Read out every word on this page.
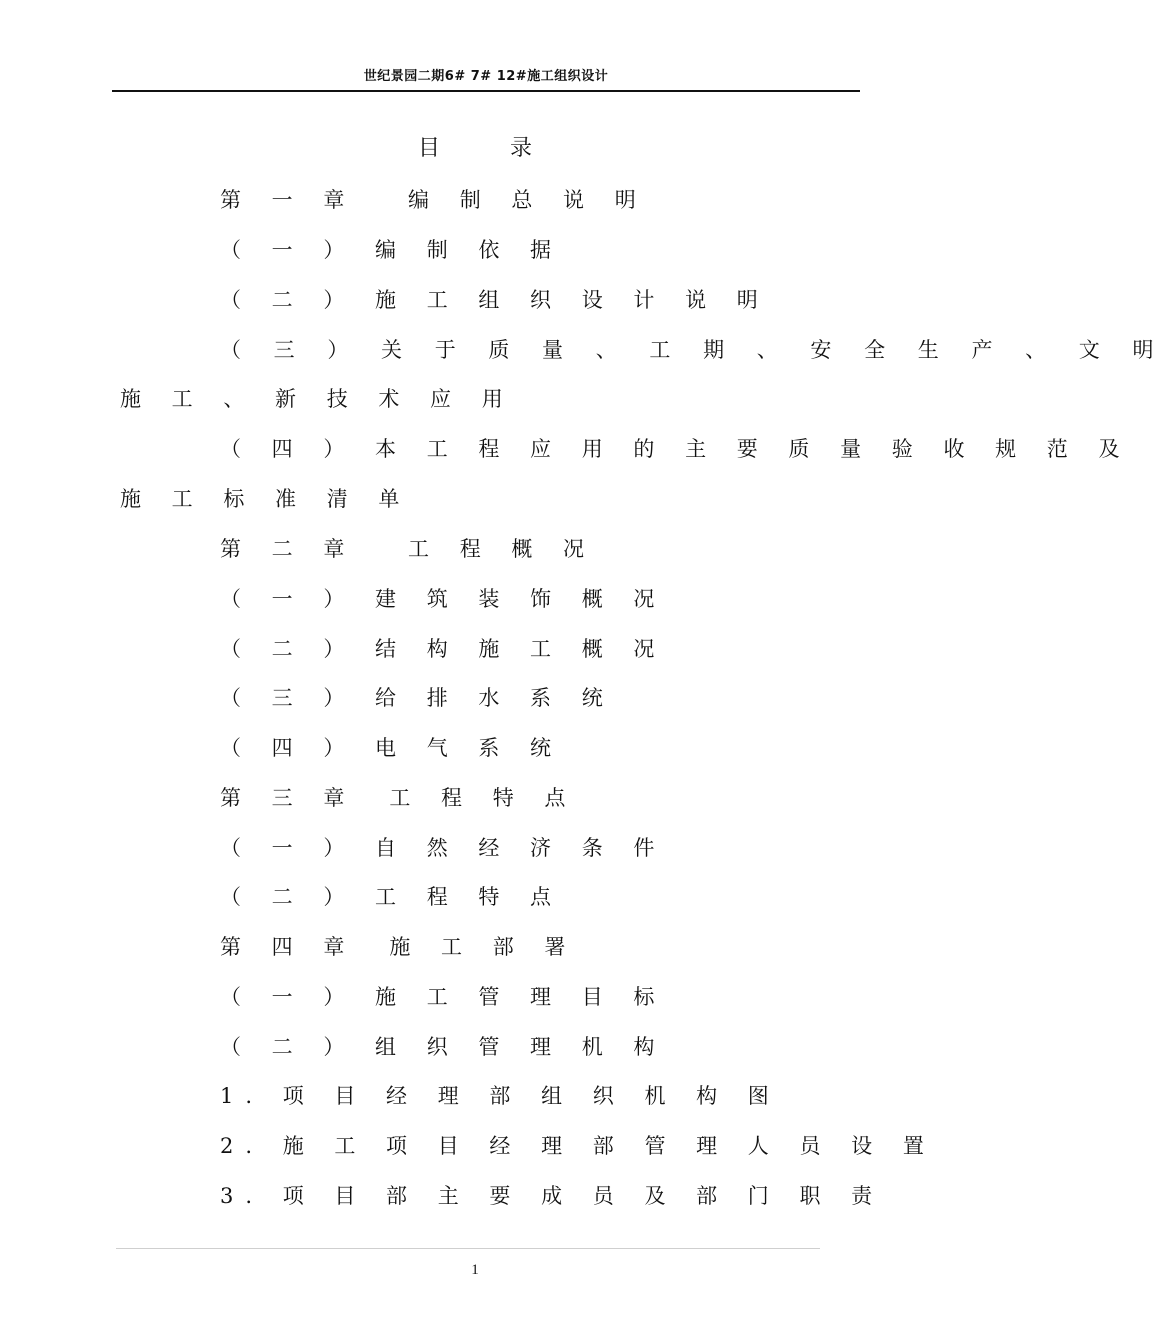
世纪景园二期6# 7# 12#施工组织设计
目	录
第 一 章　 编 制 总 说 明
（ 一 ） 编 制 依 据
（ 二 ） 施 工 组 织 设 计 说 明
（ 三 ） 关 于 质 量 、 工 期 、 安 全 生 产 、 文 明
施 工 、 新 技 术 应 用
（ 四 ） 本 工 程 应 用 的 主 要 质 量 验 收 规 范 及
施 工 标 准 清 单
第 二 章　 工 程 概 况
（ 一 ） 建 筑 装 饰 概 况
（ 二 ） 结 构 施 工 概 况
（ 三 ） 给 排 水 系 统
（ 四 ） 电 气 系 统
第 三 章　工 程 特 点
（ 一 ） 自 然 经 济 条 件
（ 二 ） 工 程 特 点
第 四 章　施 工 部 署
（ 一 ） 施 工 管 理 目 标
（ 二 ） 组 织 管 理 机 构
1. 项 目 经 理 部 组 织 机 构 图
2. 施 工 项 目 经 理 部 管 理 人 员 设 置
3. 项 目 部 主 要 成 员 及 部 门 职 责
1
